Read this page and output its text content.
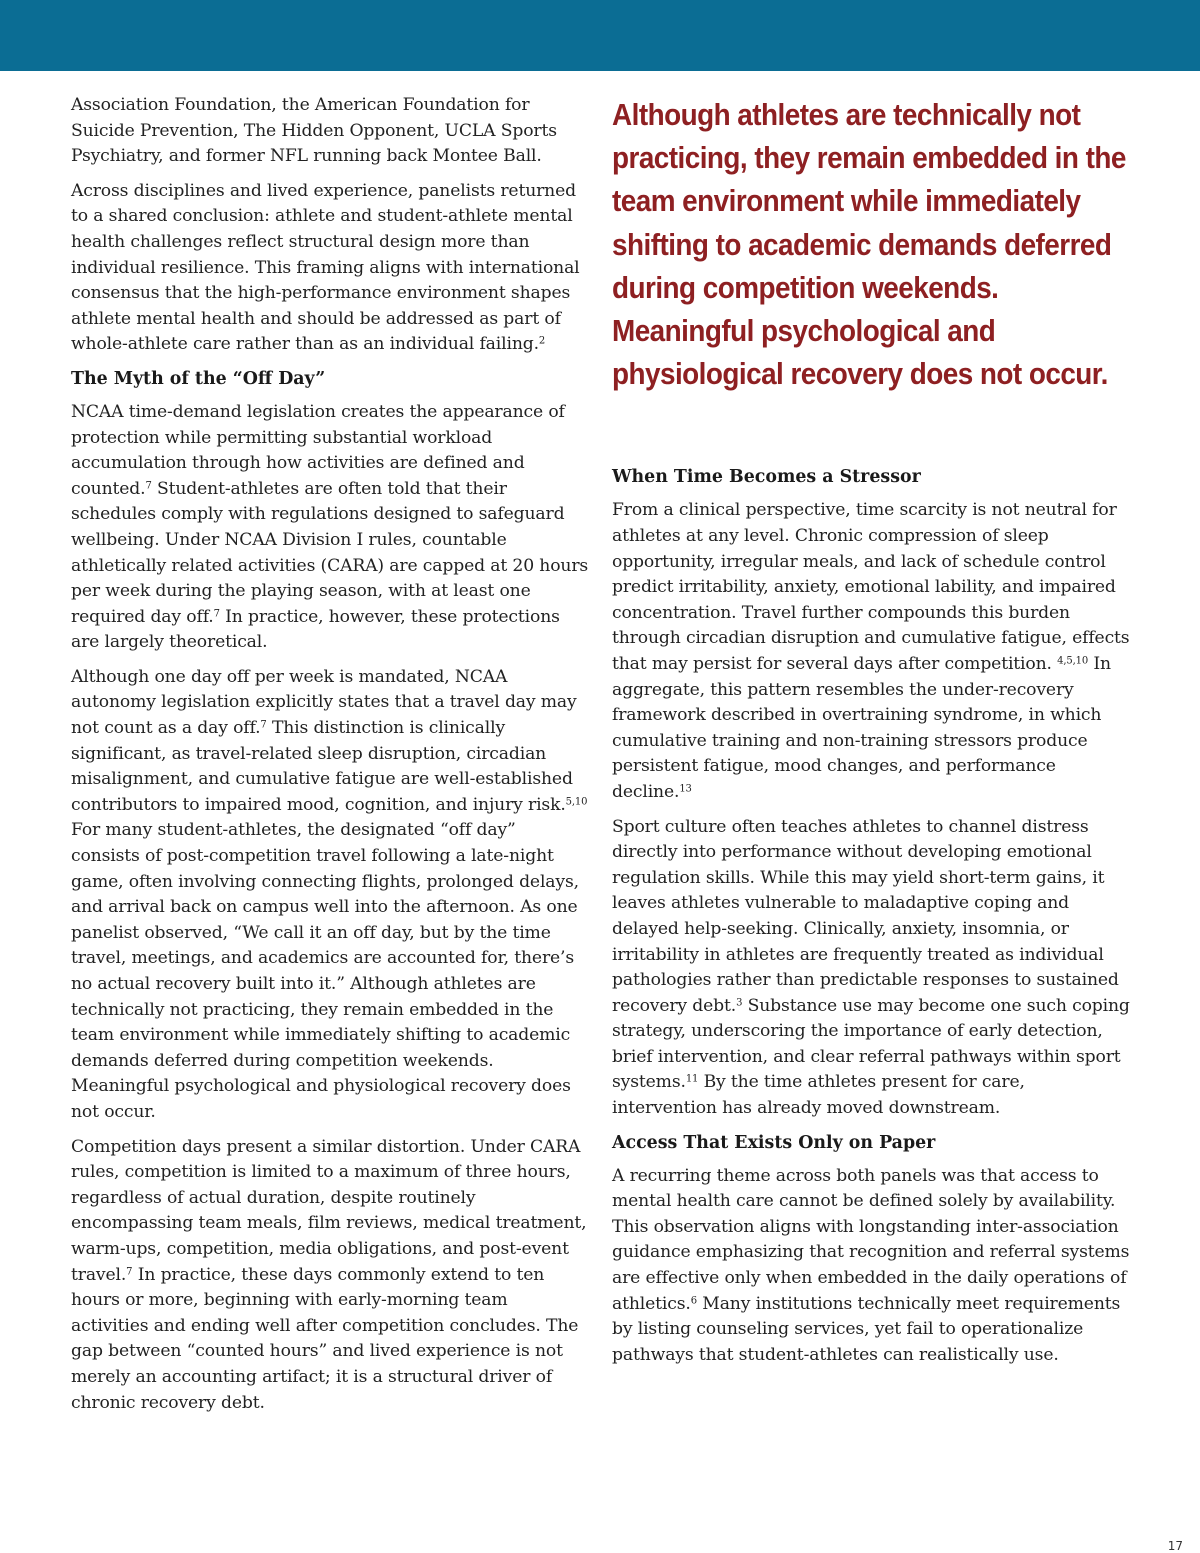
Association Foundation, the American Foundation for Suicide Prevention, The Hidden Opponent, UCLA Sports Psychiatry, and former NFL running back Montee Ball.

Across disciplines and lived experience, panelists returned to a shared conclusion: athlete and student-athlete mental health challenges reflect structural design more than individual resilience. This framing aligns with international consensus that the high-performance environment shapes athlete mental health and should be addressed as part of whole-athlete care rather than as an individual failing.$^2$

The Myth of the “Off Day”

NCAA time-demand legislation creates the appearance of protection while permitting substantial workload accumulation through how activities are defined and counted.$^7$ Student-athletes are often told that their schedules comply with regulations designed to safeguard wellbeing. Under NCAA Division I rules, countable athletically related activities (CARA) are capped at 20 hours per week during the playing season, with at least one required day off.$^7$ In practice, however, these protections are largely theoretical.

Although one day off per week is mandated, NCAA autonomy legislation explicitly states that a travel day may not count as a day off.$^7$ This distinction is clinically significant, as travel-related sleep disruption, circadian misalignment, and cumulative fatigue are well-established contributors to impaired mood, cognition, and injury risk.$^{5,10}$ For many student-athletes, the designated “off day” consists of post-competition travel following a late-night game, often involving connecting flights, prolonged delays, and arrival back on campus well into the afternoon. As one panelist observed, “We call it an off day, but by the time travel, meetings, and academics are accounted for, there’s no actual recovery built into it.” Although athletes are technically not practicing, they remain embedded in the team environment while immediately shifting to academic demands deferred during competition weekends. Meaningful psychological and physiological recovery does not occur.

Competition days present a similar distortion. Under CARA rules, competition is limited to a maximum of three hours, regardless of actual duration, despite routinely encompassing team meals, film reviews, medical treatment, warm-ups, competition, media obligations, and post-event travel.$^7$ In practice, these days commonly extend to ten hours or more, beginning with early-morning team activities and ending well after competition concludes. The gap between “counted hours” and lived experience is not merely an accounting artifact; it is a structural driver of chronic recovery debt.

Although athletes are technically not practicing, they remain embedded in the team environment while immediately shifting to academic demands deferred during competition weekends. Meaningful psychological and physiological recovery does not occur.
When Time Becomes a Stressor

From a clinical perspective, time scarcity is not neutral for athletes at any level. Chronic compression of sleep opportunity, irregular meals, and lack of schedule control predict irritability, anxiety, emotional lability, and impaired concentration. Travel further compounds this burden through circadian disruption and cumulative fatigue, effects that may persist for several days after competition. $^{4,5,10}$ In aggregate, this pattern resembles the under-recovery framework described in overtraining syndrome, in which cumulative training and non-training stressors produce persistent fatigue, mood changes, and performance decline.$^{13}$

Sport culture often teaches athletes to channel distress directly into performance without developing emotional regulation skills. While this may yield short-term gains, it leaves athletes vulnerable to maladaptive coping and delayed help-seeking. Clinically, anxiety, insomnia, or irritability in athletes are frequently treated as individual pathologies rather than predictable responses to sustained recovery debt.$^3$ Substance use may become one such coping strategy, underscoring the importance of early detection, brief intervention, and clear referral pathways within sport systems.$^{11}$ By the time athletes present for care, intervention has already moved downstream.

Access That Exists Only on Paper

A recurring theme across both panels was that access to mental health care cannot be defined solely by availability. This observation aligns with longstanding inter-association guidance emphasizing that recognition and referral systems are effective only when embedded in the daily operations of athletics.$^6$ Many institutions technically meet requirements by listing counseling services, yet fail to operationalize pathways that student-athletes can realistically use.

17
